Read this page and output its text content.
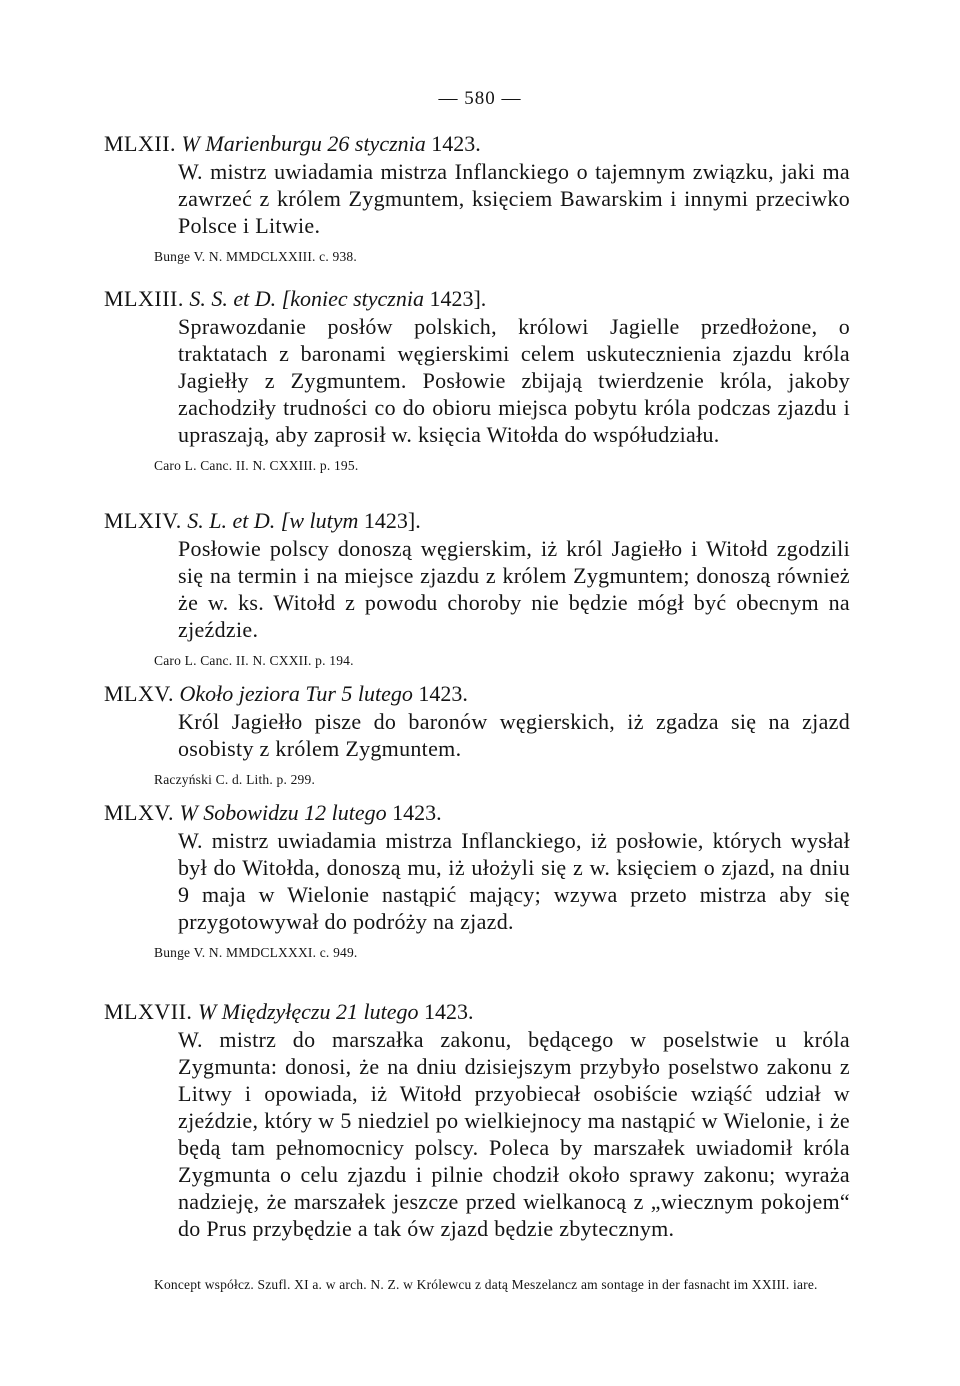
— 580 —

MLXII. W Marienburgu 26 stycznia 1423.

W. mistrz uwiadamia mistrza Inflanckiego o tajemnym związku, jaki ma zawrzeć z królem Zygmuntem, księciem Bawarskim i innymi przeciwko Polsce i Litwie.

Bunge V. N. MMDCLXXIII. c. 938.

MLXIII. S. S. et D. [koniec stycznia 1423].

Sprawozdanie posłów polskich, królowi Jagielle przedłożone, o traktatach z baronami węgierskimi celem uskutecznienia zjazdu króla Jagiełły z Zygmuntem. Posłowie zbijają twierdzenie króla, jakoby zachodziły trudności co do obioru miejsca pobytu króla podczas zjazdu i upraszają, aby zaprosił w. księcia Witołda do współudziału.

Caro L. Canc. II. N. CXXIII. p. 195.

MLXIV. S. L. et D. [w lutym 1423].

Posłowie polscy donoszą węgierskim, iż król Jagiełło i Witołd zgodzili się na termin i na miejsce zjazdu z królem Zygmuntem; donoszą również że w. ks. Witołd z powodu choroby nie będzie mógł być obecnym na zjeździe.

Caro L. Canc. II. N. CXXII. p. 194.

MLXV. Około jeziora Tur 5 lutego 1423.

Król Jagiełło pisze do baronów węgierskich, iż zgadza się na zjazd osobisty z królem Zygmuntem.

Raczyński C. d. Lith. p. 299.

MLXV. W Sobowidzu 12 lutego 1423.

W. mistrz uwiadamia mistrza Inflanckiego, iż posłowie, których wysłał był do Witołda, donoszą mu, iż ułożyli się z w. księciem o zjazd, na dniu 9 maja w Wielonie nastąpić mający; wzywa przeto mistrza aby się przygotowywał do podróży na zjazd.

Bunge V. N. MMDCLXXXI. c. 949.

MLXVII. W Międzyłęczu 21 lutego 1423.

W. mistrz do marszałka zakonu, będącego w poselstwie u króla Zygmunta: donosi, że na dniu dzisiejszym przybyło poselstwo zakonu z Litwy i opowiada, iż Witołd przyobiecał osobiście wziąść udział w zjeździe, który w 5 niedziel po wielkiejnocy ma nastąpić w Wielonie, i że będą tam pełnomocnicy polscy. Poleca by marszałek uwiadomił króla Zygmunta o celu zjazdu i pilnie chodził około sprawy zakonu; wyraża nadzieję, że marszałek jeszcze przed wielkanocą z „wiecznym pokojem“ do Prus przybędzie a tak ów zjazd będzie zbytecznym.

Koncept współcz. Szufl. XI a. w arch. N. Z. w Królewcu z datą Meszelancz am sontage in der fasnacht im XXIII. iare.
